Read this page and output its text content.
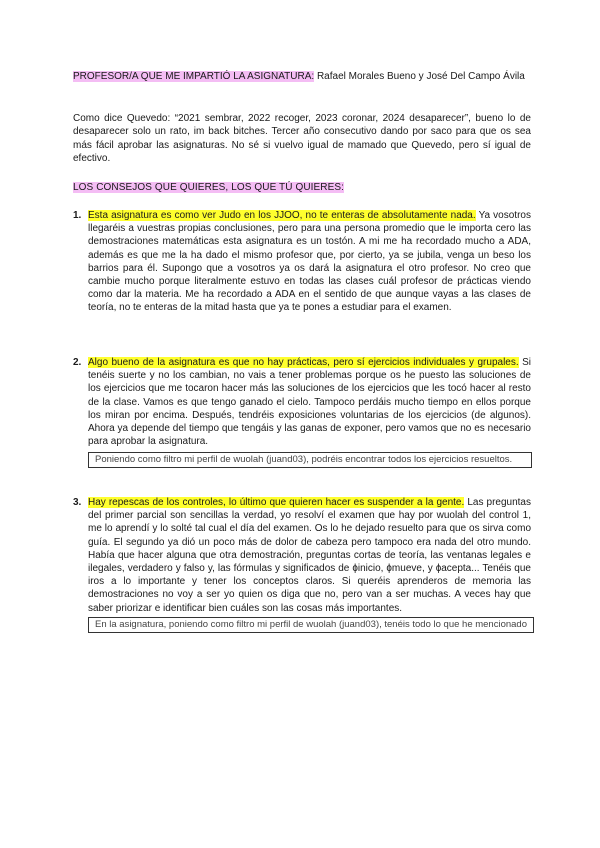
PROFESOR/A QUE ME IMPARTIÓ LA ASIGNATURA: Rafael Morales Bueno y José Del Campo Ávila
Como dice Quevedo: “2021 sembrar, 2022 recoger, 2023 coronar, 2024 desaparecer”, bueno lo de desaparecer solo un rato, im back bitches. Tercer año consecutivo dando por saco para que os sea más fácil aprobar las asignaturas. No sé si vuelvo igual de mamado que Quevedo, pero sí igual de efectivo.
LOS CONSEJOS QUE QUIERES, LOS QUE TÚ QUIERES:
1. Esta asignatura es como ver Judo en los JJOO, no te enteras de absolutamente nada. Ya vosotros llegaréis a vuestras propias conclusiones, pero para una persona promedio que le importa cero las demostraciones matemáticas esta asignatura es un tostón. A mi me ha recordado mucho a ADA, además es que me la ha dado el mismo profesor que, por cierto, ya se jubila, venga un beso los barrios para él. Supongo que a vosotros ya os dará la asignatura el otro profesor. No creo que cambie mucho porque literalmente estuvo en todas las clases cuál profesor de prácticas viendo como dar la materia. Me ha recordado a ADA en el sentido de que aunque vayas a las clases de teoría, no te enteras de la mitad hasta que ya te pones a estudiar para el examen.
2. Algo bueno de la asignatura es que no hay prácticas, pero sí ejercicios individuales y grupales. Si tenéis suerte y no los cambian, no vais a tener problemas porque os he puesto las soluciones de los ejercicios que me tocaron hacer más las soluciones de los ejercicios que les tocó hacer al resto de la clase. Vamos es que tengo ganado el cielo. Tampoco perdáis mucho tiempo en ellos porque los miran por encima. Después, tendréis exposiciones voluntarias de los ejercicios (de algunos). Ahora ya depende del tiempo que tengáis y las ganas de exponer, pero vamos que no es necesario para aprobar la asignatura.
Poniendo como filtro mi perfil de wuolah (juand03), podréis encontrar todos los ejercicios resueltos.
3. Hay repescas de los controles, lo último que quieren hacer es suspender a la gente. Las preguntas del primer parcial son sencillas la verdad, yo resolví el examen que hay por wuolah del control 1, me lo aprendí y lo solté tal cual el día del examen. Os lo he dejado resuelto para que os sirva como guía. El segundo ya dió un poco más de dolor de cabeza pero tampoco era nada del otro mundo. Había que hacer alguna que otra demostración, preguntas cortas de teoría, las ventanas legales e ilegales, verdadero y falso y, las fórmulas y significados de ɸinicio, ɸmueve, y ɸacepta... Tenéis que iros a lo importante y tener los conceptos claros. Si queréis aprenderos de memoria las demostraciones no voy a ser yo quien os diga que no, pero van a ser muchas. A veces hay que saber priorizar e identificar bien cuáles son las cosas más importantes.
En la asignatura, poniendo como filtro mi perfil de wuolah (juand03), tenéis todo lo que he mencionado
